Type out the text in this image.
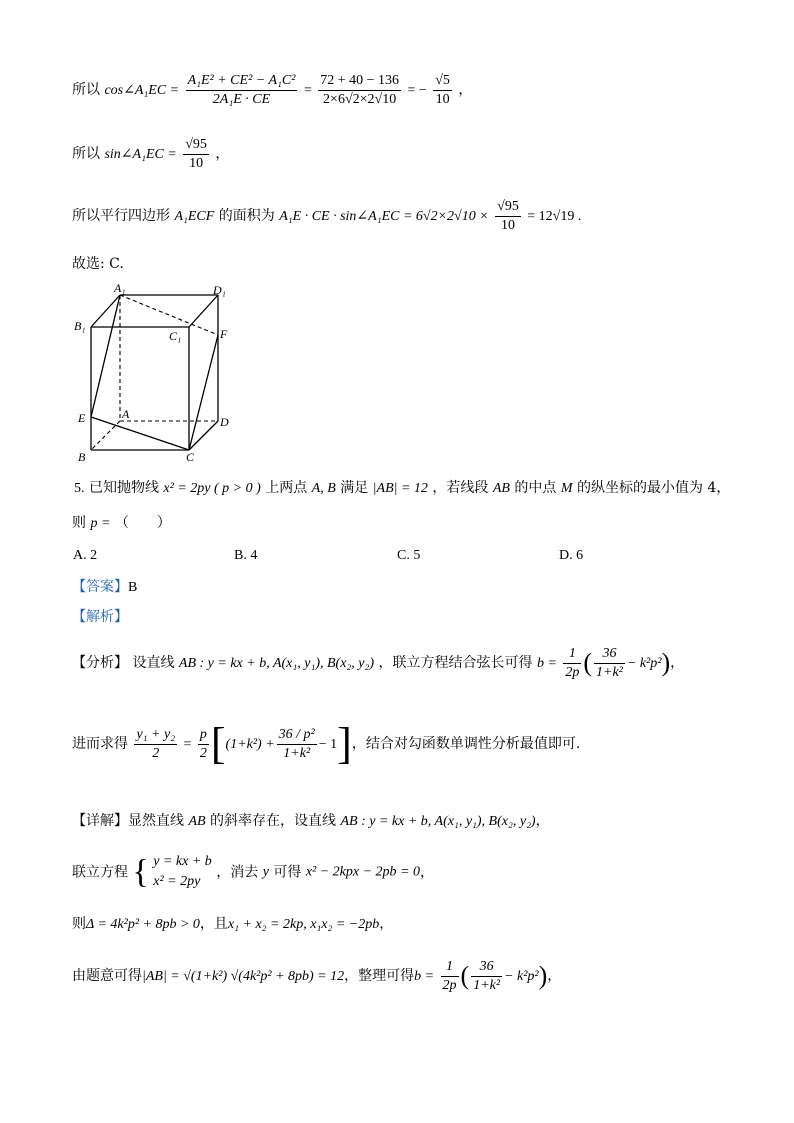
所以 cos∠A₁EC = $\frac{\text{A₁E² + CE² − A₁C²}}{\text{2A₁E · CE}} = \frac{72 + 40 - 136}{2\times 6√2\times 2√10}$ = − $\frac{√5}{10}$ ，
所以 sin∠A₁EC = $\frac{√95}{10}$ ，
所以平行四边形 A₁ECF 的面积为 A₁E · CE · sin∠A₁EC = $6√2\times 2√10 \times \frac{√95}{10} = 12√19$ .
故选: C.
A₁	D₁
B₁
C₁	F
E	A
D
B	C
5. 已知抛物线 x² = 2py ( p > 0 ) 上两点 A, B 满足 |AB| = 12 ，若线段 AB 的中点 M 的纵坐标的最小值为 4，
则 p = （　　）
A. 2	B. 4	C. 5	D. 6
【答案】B
【解析】
【分析】 设直线 AB : y = kx + b, A(x₁, y₁), B(x₂, y₂) ，联立方程结合弦长可得 $b = \frac{1}{2p}$ ( $\frac{36}{\text{1+k²}} - k^2p^2$)，
进而求得 $\frac{\text{y₁ + y₂}}{2} = \frac{p}{2} [(1+k^2) + \frac{\text{36 / p²}}{\text{1+k²}} - 1]$，结合对勾函数单调性分析最值即可.
【详解】显然直线 AB 的斜率存在，设直线 AB : y = kx + b, A(x₁, y₁), B(x₂, y₂)，
联立方程 { y = kx + b
x² = 2py
，消去 y 可得 x² − 2kpx − 2pb = 0，
则Δ = 4k²p² + 8pb > 0，且x₁ + x₂ = 2kp, x₁x₂ = −2pb，
由题意可得|AB| = √(1+k²) √(4k²p² + 8pb) = 12，整理可得$b = \frac{1}{2p}$ ( $\frac{36}{\text{1+k²}} - k^2p^2$)，
